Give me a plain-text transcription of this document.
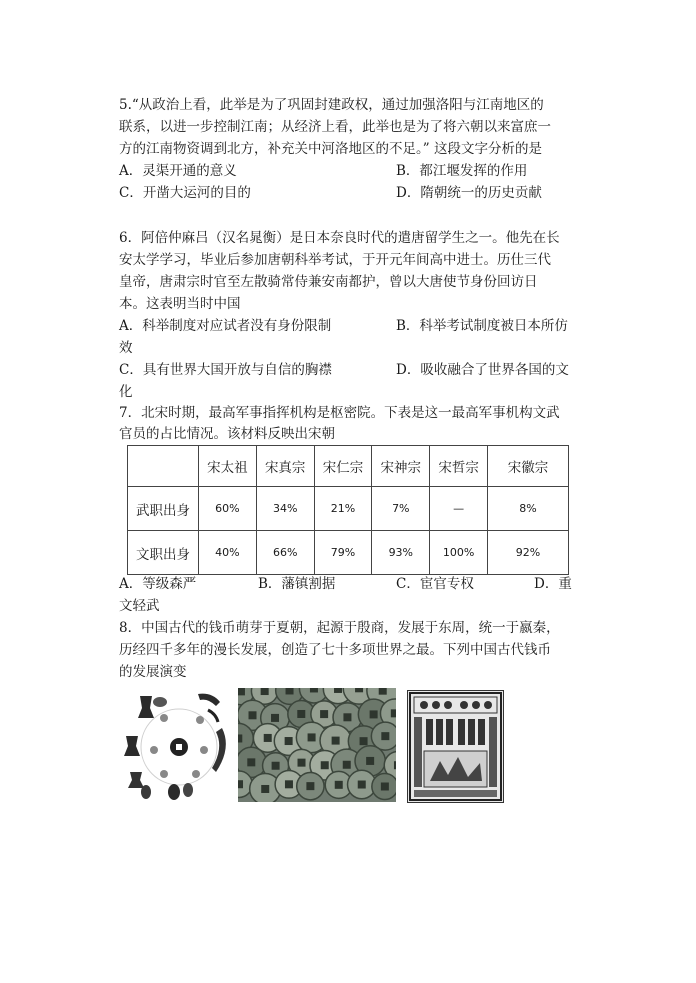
5.“从政治上看，此举是为了巩固封建政权，通过加强洛阳与江南地区的
联系，以进一步控制江南；从经济上看，此举也是为了将六朝以来富庶一
方的江南物资调到北方，补充关中河洛地区的不足。” 这段文字分析的是
A．灵渠开通的意义	B．都江堰发挥的作用
C．开凿大运河的目的	D．隋朝统一的历史贡献
6．阿倍仲麻吕（汉名晁衡）是日本奈良时代的遣唐留学生之一。他先在长
安太学学习，毕业后参加唐朝科举考试，于开元年间高中进士。历仕三代
皇帝，唐肃宗时官至左散骑常侍兼安南都护，曾以大唐使节身份回访日
本。这表明当时中国
A．科举制度对应试者没有身份限制	B．科举考试制度被日本所仿
效
C．具有世界大国开放与自信的胸襟	D．吸收融合了世界各国的文
化
7．北宋时期，最高军事指挥机构是枢密院。下表是这一最高军事机构文武
官员的占比情况。该材料反映出宋朝
	宋太祖	宋真宗	宋仁宗	宋神宗	宋哲宗	宋徽宗
武职出身	60%	34%	21%	7%	—	8%
文职出身	40%	66%	79%	93%	100%	92%
A．等级森严	B．藩镇割据	C．宦官专权	D．重
文轻武
8．中国古代的钱币萌芽于夏朝，起源于殷商，发展于东周，统一于嬴秦，
历经四千多年的漫长发展，创造了七十多项世界之最。下列中国古代钱币
的发展演变
